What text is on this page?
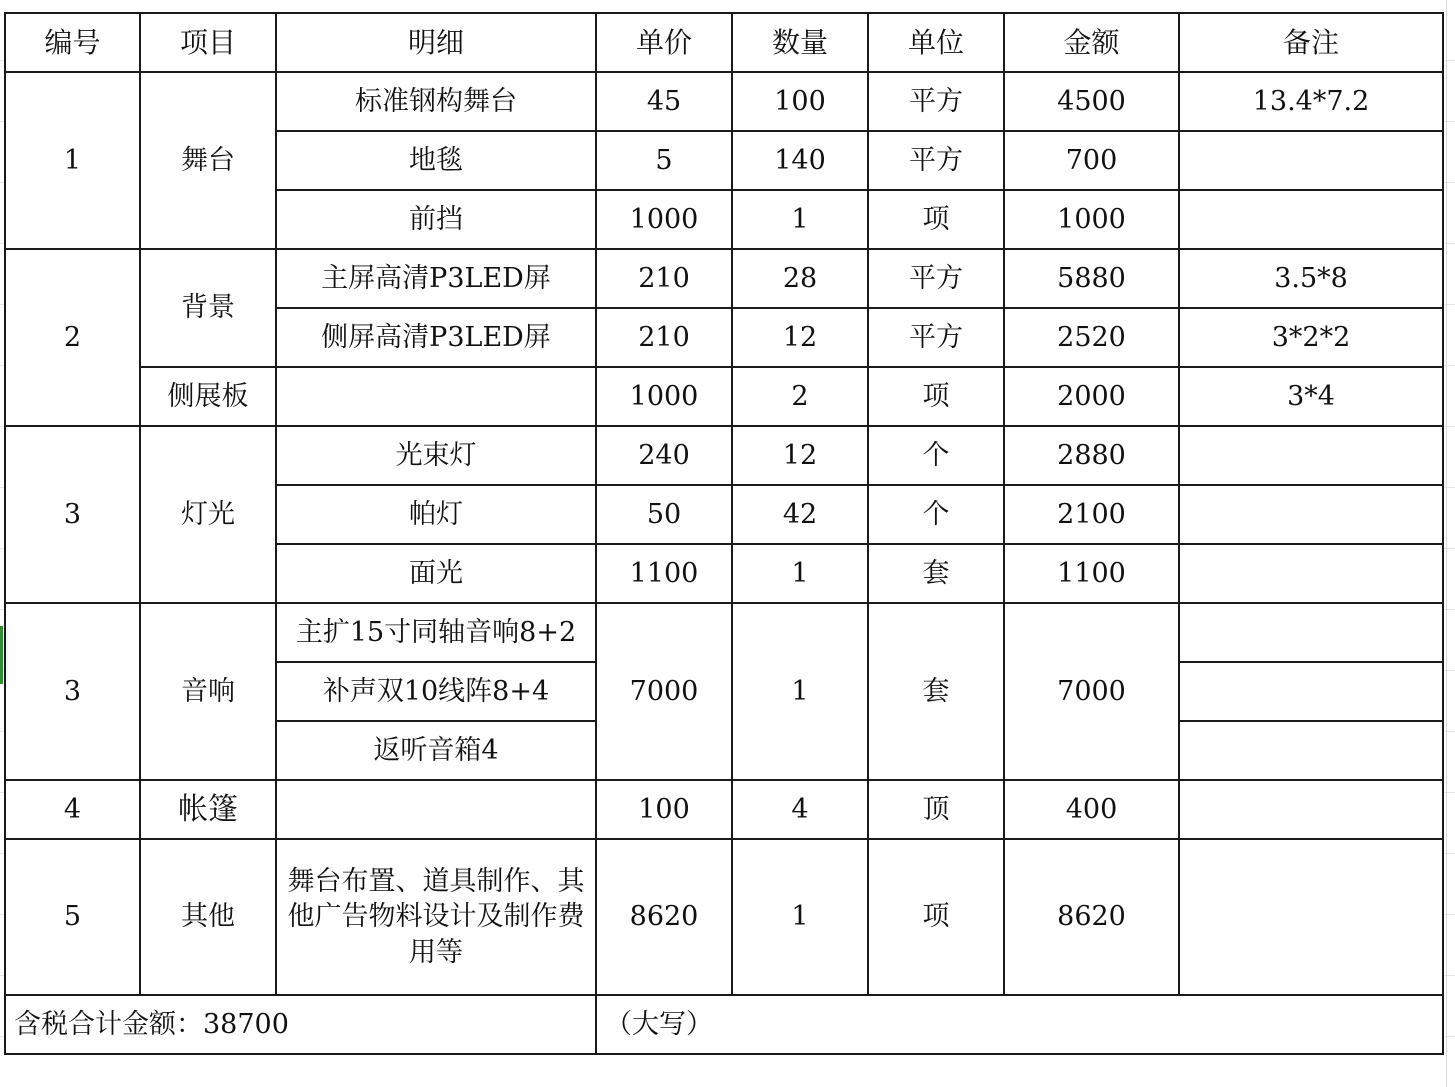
编号	项目	明细	单价	数量	单位	金额	备注
1	舞台	标准钢构舞台	45	100	平方	4500	13.4*7.2
		地毯	5	140	平方	700	
		前挡	1000	1	项	1000	
2	背景	主屏高清P3LED屏	210	28	平方	5880	3.5*8
		侧屏高清P3LED屏	210	12	平方	2520	3*2*2
	侧展板		1000	2	项	2000	3*4
3	灯光	光束灯	240	12	个	2880	
		帕灯	50	42	个	2100	
		面光	1100	1	套	1100	
3	音响	主扩15寸同轴音响8+2	7000	1	套	7000	
		补声双10线阵8+4					
		返听音箱4					
4	帐篷		100	4	顶	400	
5	其他	舞台布置、道具制作、其他广告物料设计及制作费用等	8620	1	项	8620	
含税合计金额：38700			（大写）				
